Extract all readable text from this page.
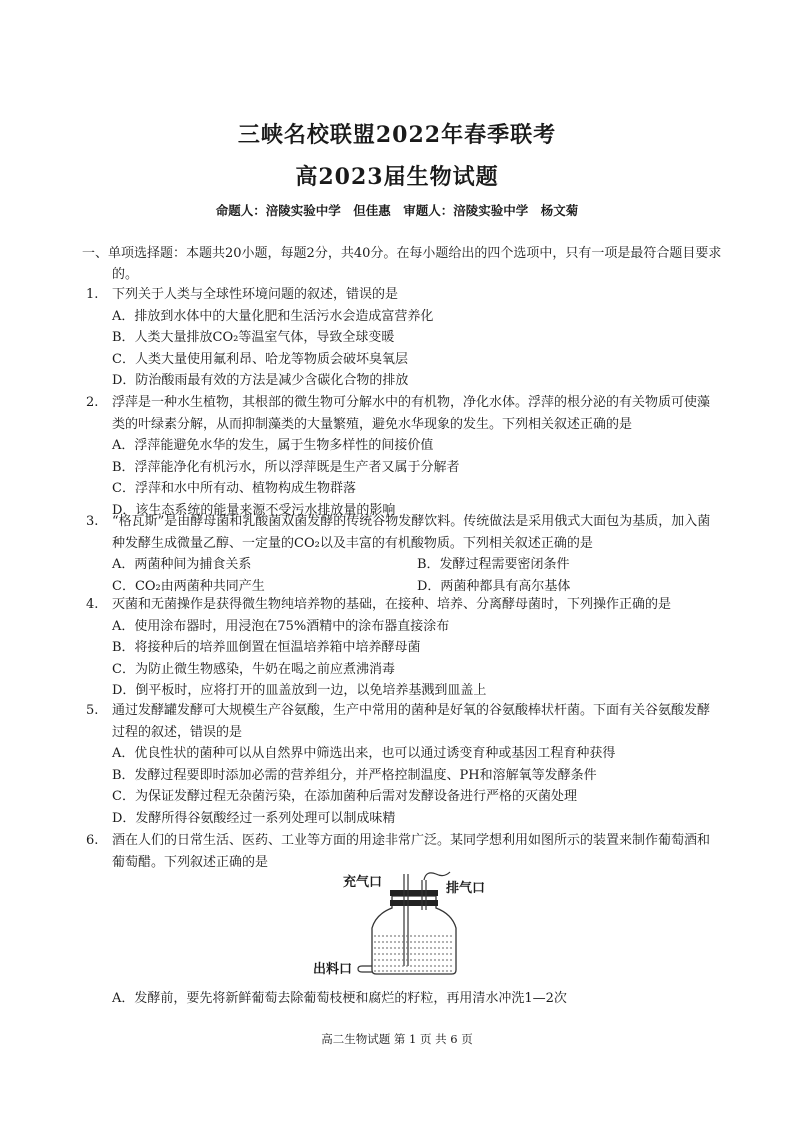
三峡名校联盟2022年春季联考
高2023届生物试题
命题人：涪陵实验中学　但佳惠　审题人：涪陵实验中学　杨文菊
一、单项选择题：本题共20小题，每题2分，共40分。在每小题给出的四个选项中，只有一项是最符合题目要求的。
1. 下列关于人类与全球性环境问题的叙述，错误的是
A．排放到水体中的大量化肥和生活污水会造成富营养化
B．人类大量排放CO₂等温室气体，导致全球变暖
C．人类大量使用氟利昂、哈龙等物质会破坏臭氧层
D．防治酸雨最有效的方法是减少含碳化合物的排放
2. 浮萍是一种水生植物，其根部的微生物可分解水中的有机物，净化水体。浮萍的根分泌的有关物质可使藻类的叶绿素分解，从而抑制藻类的大量繁殖，避免水华现象的发生。下列相关叙述正确的是
A．浮萍能避免水华的发生，属于生物多样性的间接价值
B．浮萍能净化有机污水，所以浮萍既是生产者又属于分解者
C．浮萍和水中所有动、植物构成生物群落
D．该生态系统的能量来源不受污水排放量的影响
3. “格瓦斯”是由酵母菌和乳酸菌双菌发酵的传统谷物发酵饮料。传统做法是采用俄式大面包为基质，加入菌种发酵生成微量乙醇、一定量的CO₂以及丰富的有机酸物质。下列相关叙述正确的是
A．两菌种间为捕食关系	B．发酵过程需要密闭条件
C．CO₂由两菌种共同产生	D．两菌种都具有高尔基体
4. 灭菌和无菌操作是获得微生物纯培养物的基础，在接种、培养、分离酵母菌时，下列操作正确的是
A．使用涂布器时，用浸泡在75%酒精中的涂布器直接涂布
B．将接种后的培养皿倒置在恒温培养箱中培养酵母菌
C．为防止微生物感染，牛奶在喝之前应煮沸消毒
D．倒平板时，应将打开的皿盖放到一边，以免培养基溅到皿盖上
5. 通过发酵罐发酵可大规模生产谷氨酸，生产中常用的菌种是好氧的谷氨酸棒状杆菌。下面有关谷氨酸发酵过程的叙述，错误的是
A．优良性状的菌种可以从自然界中筛选出来，也可以通过诱变育种或基因工程育种获得
B．发酵过程要即时添加必需的营养组分，并严格控制温度、PH和溶解氧等发酵条件
C．为保证发酵过程无杂菌污染，在添加菌种后需对发酵设备进行严格的灭菌处理
D．发酵所得谷氨酸经过一系列处理可以制成味精
6. 酒在人们的日常生活、医药、工业等方面的用途非常广泛。某同学想利用如图所示的装置来制作葡萄酒和葡萄醋。下列叙述正确的是
充气口	排气口
出料口
A．发酵前，要先将新鲜葡萄去除葡萄枝梗和腐烂的籽粒，再用清水冲洗1—2次
高二生物试题 第 1 页 共 6 页
